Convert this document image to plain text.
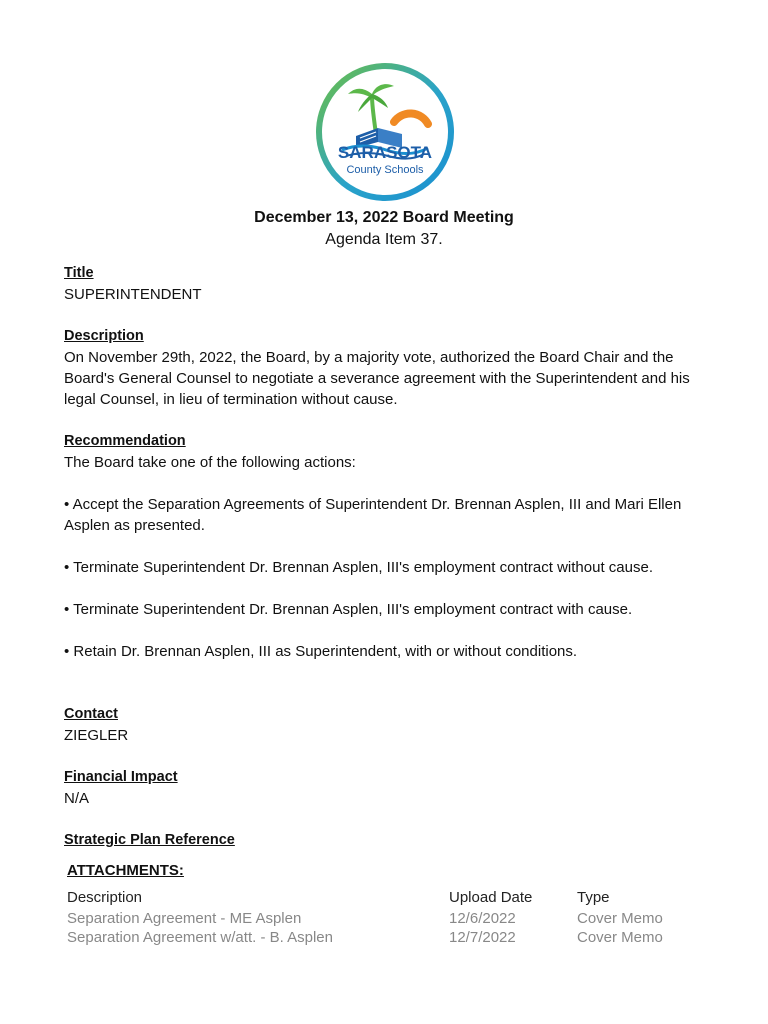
SARASOTA
County Schools
December 13, 2022 Board Meeting
Agenda Item 37.
Title
SUPERINTENDENT
Description

On November 29th, 2022, the Board, by a majority vote, authorized the Board Chair and the Board's General Counsel to negotiate a severance agreement with the Superintendent and his legal Counsel, in lieu of termination without cause.

Recommendation

The Board take one of the following actions:

• Accept the Separation Agreements of Superintendent Dr. Brennan Asplen, III and Mari Ellen Asplen as presented.

• Terminate Superintendent Dr. Brennan Asplen, III's employment contract without cause.

• Terminate Superintendent Dr. Brennan Asplen, III's employment contract with cause.

• Retain Dr. Brennan Asplen, III as Superintendent, with or without conditions.

Contact
ZIEGLER
Financial Impact
N/A
Strategic Plan Reference
ATTACHMENTS:
Description	Upload Date	Type
Separation Agreement - ME Asplen	12/6/2022	Cover Memo
Separation Agreement w/att. - B. Asplen	12/7/2022	Cover Memo
